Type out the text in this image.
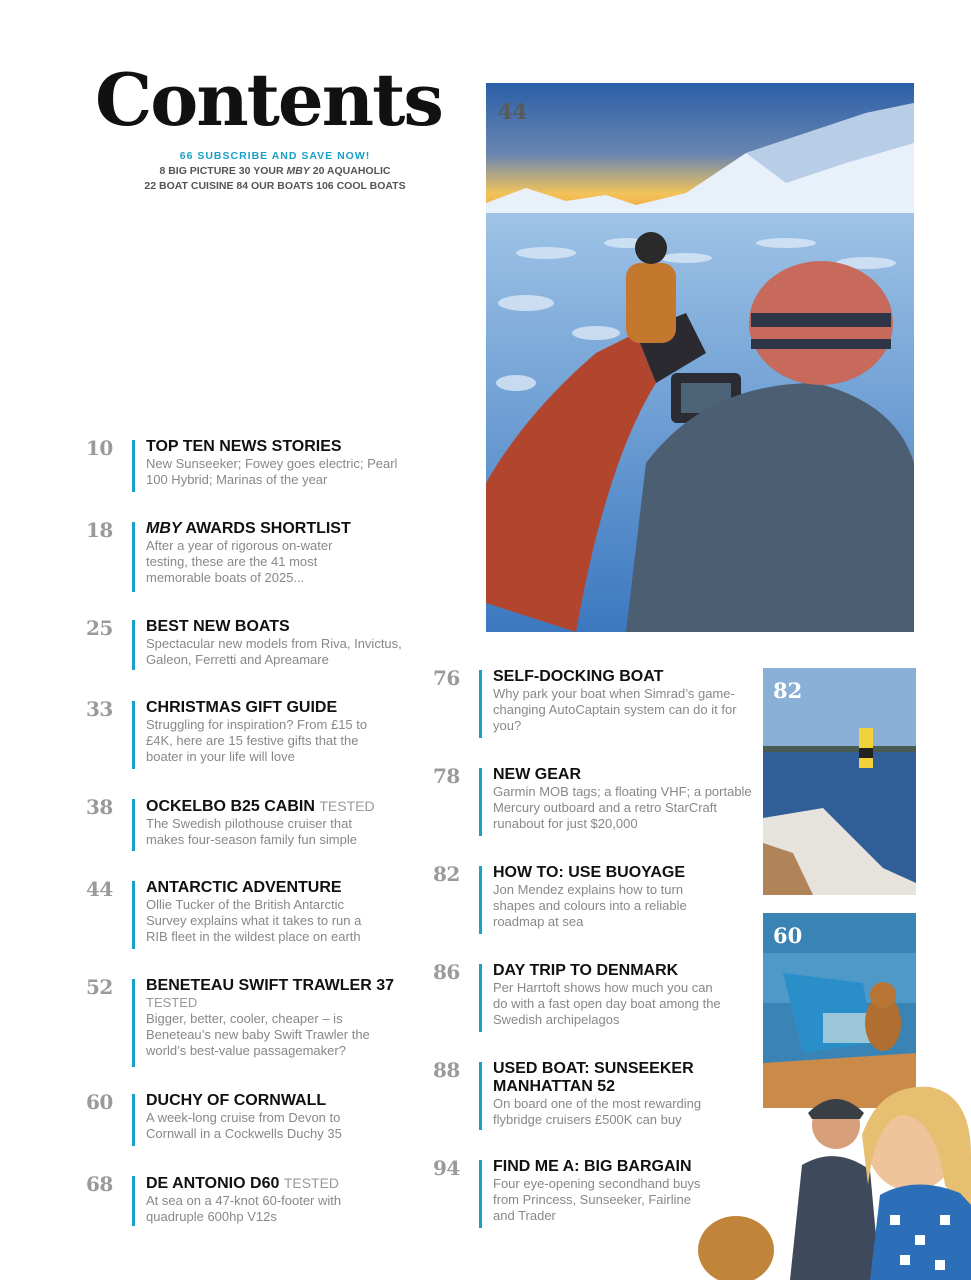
Contents
66 SUBSCRIBE AND SAVE NOW!
8 BIG PICTURE 30 YOUR MBY 20 AQUAHOLIC
22 BOAT CUISINE 84 OUR BOATS 106 COOL BOATS
44
82
60
10 TOP TEN NEWS STORIES
New Sunseeker; Fowey goes electric; Pearl 100 Hybrid; Marinas of the year
18 MBY AWARDS SHORTLIST
After a year of rigorous on-water testing, these are the 41 most memorable boats of 2025...
25 BEST NEW BOATS
Spectacular new models from Riva, Invictus, Galeon, Ferretti and Apreamare
33 CHRISTMAS GIFT GUIDE
Struggling for inspiration? From £15 to £4K, here are 15 festive gifts that the boater in your life will love
38 OCKELBO B25 CABIN TESTED
The Swedish pilothouse cruiser that makes four-season family fun simple
44 ANTARCTIC ADVENTURE
Ollie Tucker of the British Antarctic Survey explains what it takes to run a RIB fleet in the wildest place on earth
52 BENETEAU SWIFT TRAWLER 37
TESTED
Bigger, better, cooler, cheaper – is Beneteau’s new baby Swift Trawler the world’s best-value passagemaker?
60 DUCHY OF CORNWALL
A week-long cruise from Devon to Cornwall in a Cockwells Duchy 35
68 DE ANTONIO D60 TESTED
At sea on a 47-knot 60-footer with quadruple 600hp V12s
76 SELF-DOCKING BOAT
Why park your boat when Simrad’s game-changing AutoCaptain system can do it for you?
78 NEW GEAR
Garmin MOB tags; a floating VHF; a portable Mercury outboard and a retro StarCraft runabout for just $20,000
82 HOW TO: USE BUOYAGE
Jon Mendez explains how to turn shapes and colours into a reliable roadmap at sea
86 DAY TRIP TO DENMARK
Per Harrtoft shows how much you can do with a fast open day boat among the Swedish archipelagos
88 USED BOAT: SUNSEEKER MANHATTAN 52
On board one of the most rewarding flybridge cruisers £500K can buy
94 FIND ME A: BIG BARGAIN
Four eye-opening secondhand buys from Princess, Sunseeker, Fairline and Trader
